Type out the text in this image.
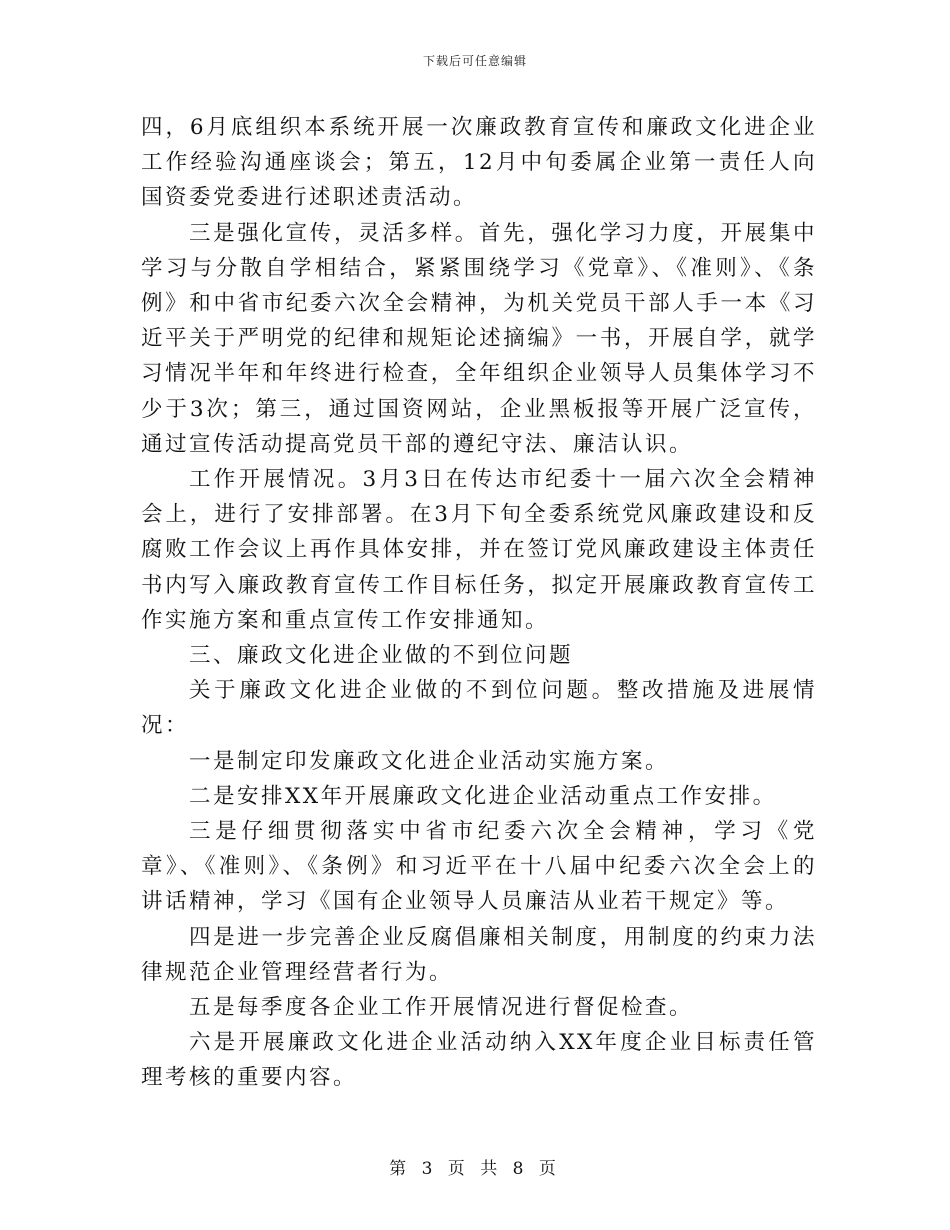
下载后可任意编辑

四，6月底组织本系统开展一次廉政教育宣传和廉政文化进企业工作经验沟通座谈会；第五，12月中旬委属企业第一责任人向国资委党委进行述职述责活动。

三是强化宣传，灵活多样。首先，强化学习力度，开展集中学习与分散自学相结合，紧紧围绕学习《党章》、《准则》、《条例》和中省市纪委六次全会精神，为机关党员干部人手一本《习近平关于严明党的纪律和规矩论述摘编》一书，开展自学，就学习情况半年和年终进行检查，全年组织企业领导人员集体学习不少于3次；第三，通过国资网站，企业黑板报等开展广泛宣传，通过宣传活动提高党员干部的遵纪守法、廉洁认识。

工作开展情况。3月3日在传达市纪委十一届六次全会精神会上，进行了安排部署。在3月下旬全委系统党风廉政建设和反腐败工作会议上再作具体安排，并在签订党风廉政建设主体责任书内写入廉政教育宣传工作目标任务，拟定开展廉政教育宣传工作实施方案和重点宣传工作安排通知。

三、廉政文化进企业做的不到位问题

关于廉政文化进企业做的不到位问题。整改措施及进展情况：

一是制定印发廉政文化进企业活动实施方案。

二是安排XX年开展廉政文化进企业活动重点工作安排。

三是仔细贯彻落实中省市纪委六次全会精神，学习《党章》、《准则》、《条例》和习近平在十八届中纪委六次全会上的讲话精神，学习《国有企业领导人员廉洁从业若干规定》等。

四是进一步完善企业反腐倡廉相关制度，用制度的约束力法律规范企业管理经营者行为。

五是每季度各企业工作开展情况进行督促检查。

六是开展廉政文化进企业活动纳入XX年度企业目标责任管理考核的重要内容。

第 3 页 共 8 页
